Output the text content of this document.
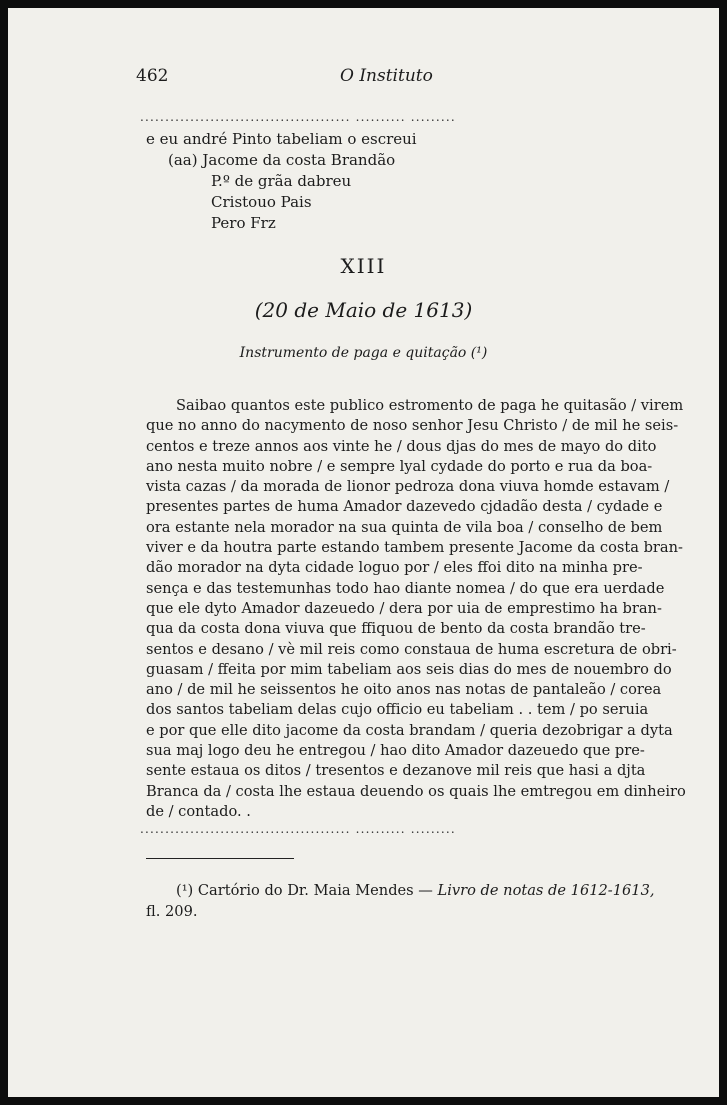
462	O Instituto
.......................................... .......... .........
e eu andré Pinto tabeliam o escreui
(aa) Jacome da costa Brandão
P.º de grãa dabreu
Cristouo Pais
Pero Frz
XIII
(20 de Maio de 1613)
Instrumento de paga e quitação (¹)
Saibao quantos este publico estromento de paga he quitasão / virem
que no anno do nacymento de noso senhor Jesu Christo / de mil he seis-
centos e treze annos aos vinte he / dous djas do mes de mayo do dito
ano nesta muito nobre / e sempre lyal cydade do porto e rua da boa-
vista cazas / da morada de lionor pedroza dona viuva homde estavam /
presentes partes de huma Amador dazevedo cjdadão desta / cydade e
ora estante nela morador na sua quinta de vila boa / conselho de bem
viver e da houtra parte estando tambem presente Jacome da costa bran-
dão morador na dyta cidade loguo por / eles ffoi dito na minha pre-
sença e das testemunhas todo hao diante nomea / do que era uerdade
que ele dyto Amador dazeuedo / dera por uia de emprestimo ha bran-
qua da costa dona viuva que ffiquou de bento da costa brandão tre-
sentos e desano / vè mil reis como constaua de huma escretura de obri-
guasam / ffeita por mim tabeliam aos seis dias do mes de nouembro do
ano / de mil he seissentos he oito anos nas notas de pantaleão / corea
dos santos tabeliam delas cujo officio eu tabeliam . . tem / po seruia
e por que elle dito jacome da costa brandam / queria dezobrigar a dyta
sua maj logo deu he entregou / hao dito Amador dazeuedo que pre-
sente estaua os ditos / tresentos e dezanove mil reis que hasi a djta
Branca da / costa lhe estaua deuendo os quais lhe emtregou em dinheiro
de / contado. .
.......................................... .......... .........
(¹) Cartório do Dr. Maia Mendes — Livro de notas de 1612-1613,
fl. 209.
